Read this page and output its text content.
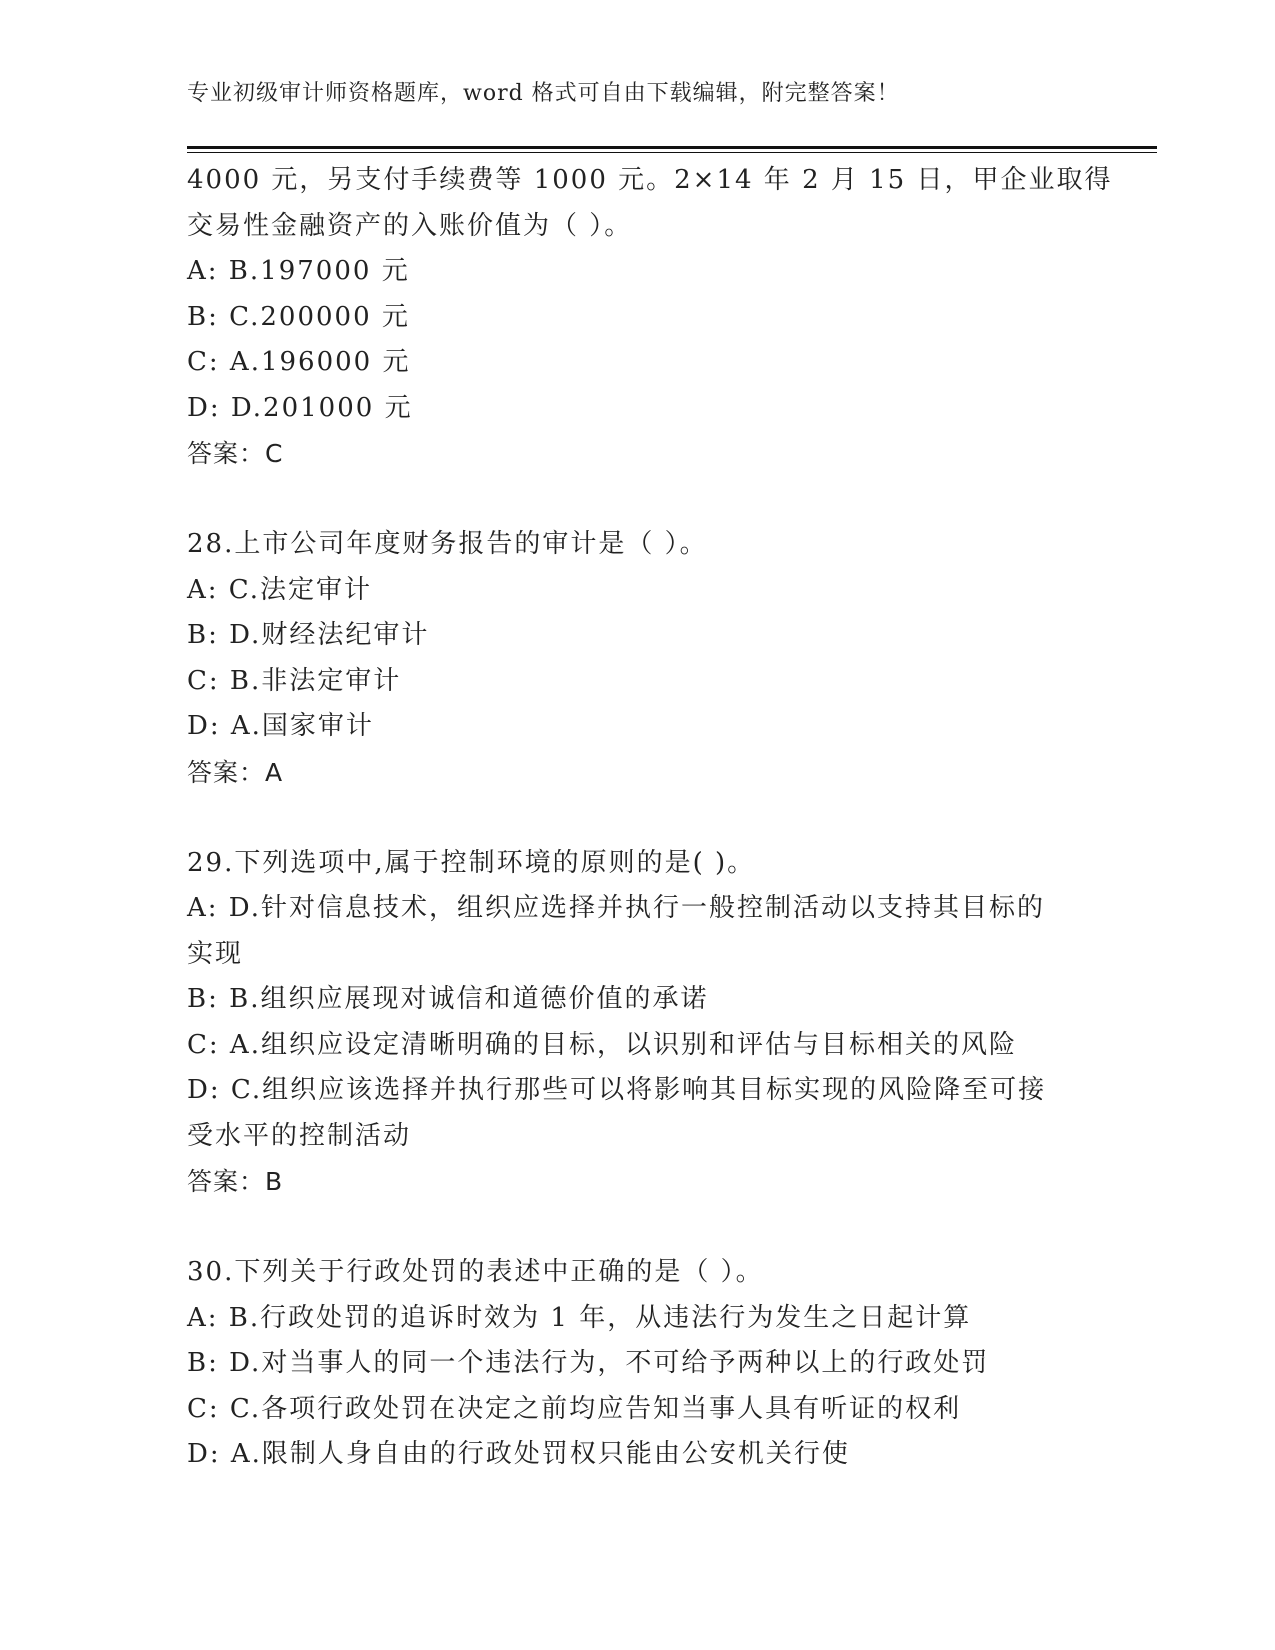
专业初级审计师资格题库，word 格式可自由下载编辑，附完整答案！
4000 元，另支付手续费等 1000 元。2×14 年 2 月 15 日，甲企业取得
交易性金融资产的入账价值为（ ）。
A: B.197000 元
B: C.200000 元
C: A.196000 元
D: D.201000 元
答案：C
28.上市公司年度财务报告的审计是（ ）。
A: C.法定审计
B: D.财经法纪审计
C: B.非法定审计
D: A.国家审计
答案：A
29.下列选项中,属于控制环境的原则的是( )。
A: D.针对信息技术，组织应选择并执行一般控制活动以支持其目标的
实现
B: B.组织应展现对诚信和道德价值的承诺
C: A.组织应设定清晰明确的目标，以识别和评估与目标相关的风险
D: C.组织应该选择并执行那些可以将影响其目标实现的风险降至可接
受水平的控制活动
答案：B
30.下列关于行政处罚的表述中正确的是（ ）。
A: B.行政处罚的追诉时效为 1 年，从违法行为发生之日起计算
B: D.对当事人的同一个违法行为，不可给予两种以上的行政处罚
C: C.各项行政处罚在决定之前均应告知当事人具有听证的权利
D: A.限制人身自由的行政处罚权只能由公安机关行使
